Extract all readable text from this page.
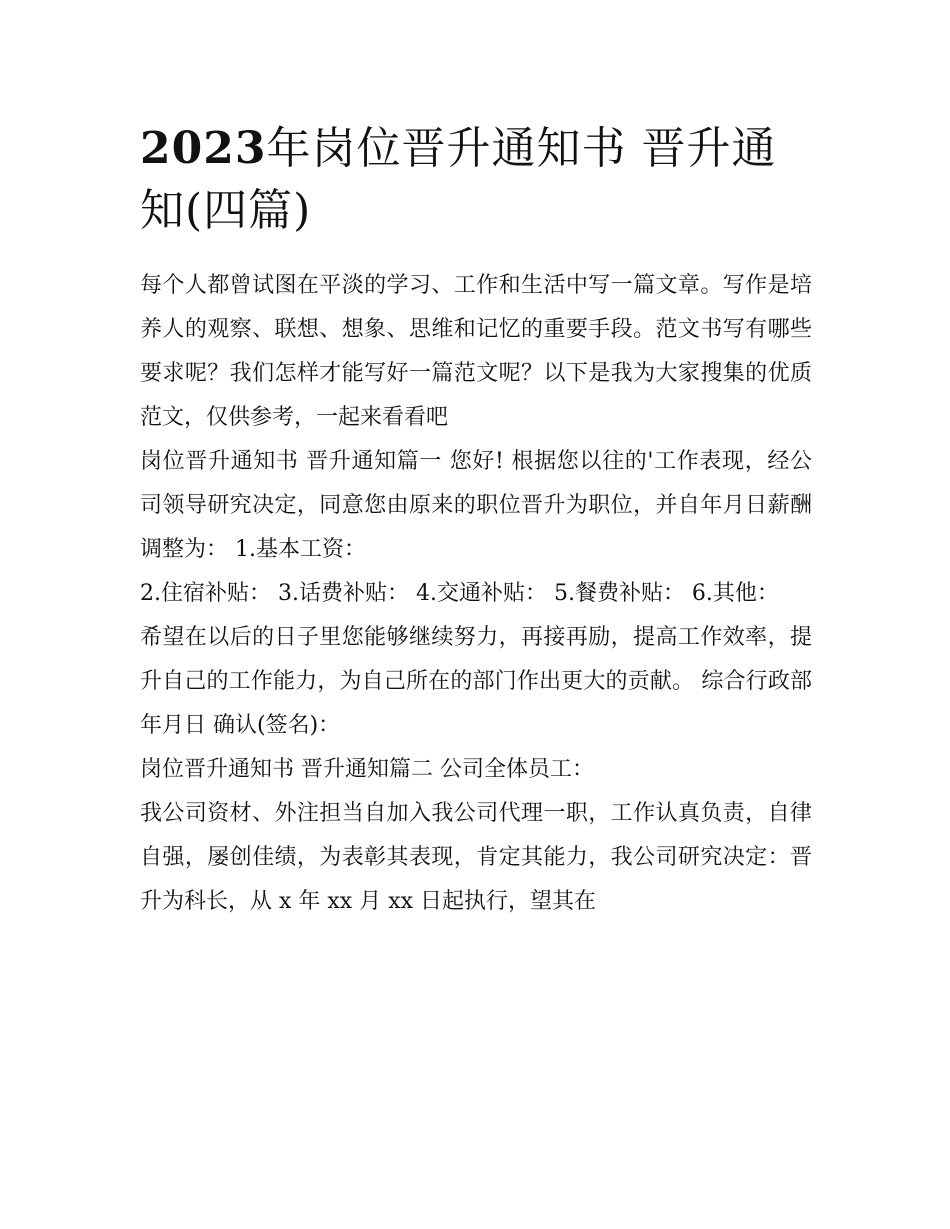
2023年岗位晋升通知书 晋升通知(四篇)

每个人都曾试图在平淡的学习、工作和生活中写一篇文章。写作是培养人的观察、联想、想象、思维和记忆的重要手段。范文书写有哪些要求呢？我们怎样才能写好一篇范文呢？以下是我为大家搜集的优质范文，仅供参考，一起来看看吧

岗位晋升通知书 晋升通知篇一 您好! 根据您以往的'工作表现，经公司领导研究决定，同意您由原来的职位晋升为职位，并自年月日薪酬调整为： 1.基本工资：

2.住宿补贴： 3.话费补贴： 4.交通补贴： 5.餐费补贴： 6.其他：

希望在以后的日子里您能够继续努力，再接再励，提高工作效率，提升自己的工作能力，为自己所在的部门作出更大的贡献。 综合行政部 年月日 确认(签名)：

岗位晋升通知书 晋升通知篇二 公司全体员工：

我公司资材、外注担当自加入我公司代理一职，工作认真负责，自律自强，屡创佳绩，为表彰其表现，肯定其能力，我公司研究决定：晋升为科长，从 x 年 xx 月 xx 日起执行，望其在
